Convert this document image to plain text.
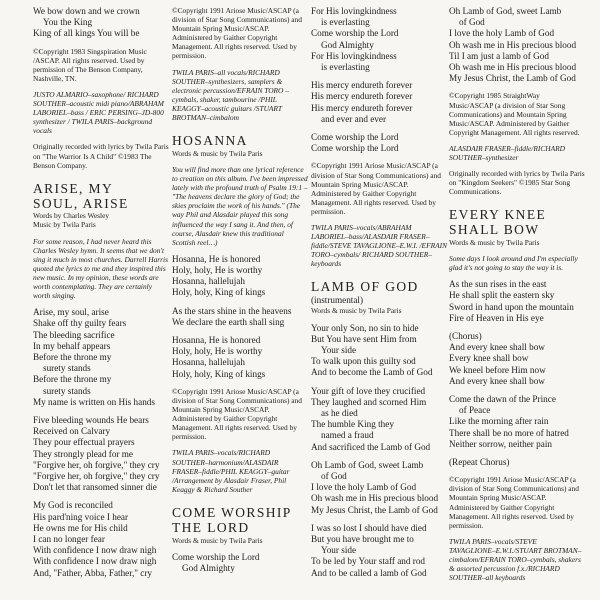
We bow down and we crown
You the King
King of all kings You will be
©Copyright 1983 Singspiration Music /ASCAP. All rights reserved. Used by permission of The Benson Company, Nashville, TN.
JUSTO ALMARIO–saxophone/ RICHARD SOUTHER–acoustic midi piano/ABRAHAM LABORIEL–bass / ERIC PERSING–JD-800 synthesizer / TWILA PARIS–background vocals
Originally recorded with lyrics by Twila Paris on "The Warrior Is A Child" ©1983 The Benson Company.
ARISE, MY
SOUL, ARISE
Words by Charles Wesley
Music by Twila Paris
For some reason, I had never heard this Charles Wesley hymn. It seems that we don't sing it much in most churches. Darrell Harris quoted the lyrics to me and they inspired this new music. In my opinion, these words are worth contemplating. They are certainly worth singing.
Arise, my soul, arise
Shake off thy guilty fears
The bleeding sacrifice
In my behalf appears
Before the throne my
surety stands
Before the throne my
surety stands
My name is written on His hands
Five bleeding wounds He bears
Received on Calvary
They pour effectual prayers
They strongly plead for me
"Forgive her, oh forgive," they cry
"Forgive her, oh forgive," they cry
Don't let that ransomed sinner die
My God is reconciled
His pard'ning voice I hear
He owns me for His child
I can no longer fear
With confidence I now draw nigh
With confidence I now draw nigh
And, "Father, Abba, Father," cry
©Copyright 1991 Ariose Music/ASCAP (a division of Star Song Communications) and Mountain Spring Music/ASCAP. Administered by Gaither Copyright Management. All rights reserved. Used by permission.
TWILA PARIS–all vocals/RICHARD SOUTHER–synthesizers, samplers & electronic percussion/EFRAIN TORO –cymbals, shaker, tambourine /PHIL KEAGGY–acoustic guitars /STUART BROTMAN–cimbalom
HOSANNA
Words & music by Twila Paris
You will find more than one lyrical reference to creation on this album. I've been impressed lately with the profound truth of Psalm 19:1 – "The heavens declare the glory of God; the skies proclaim the work of his hands." (The way Phil and Alasdair played this song influenced the way I sang it. And then, of course, Alasdair knew this traditional Scottish reel…)
Hosanna, He is honored
Holy, holy, He is worthy
Hosanna, hallelujah
Holy, holy, King of kings
As the stars shine in the heavens
We declare the earth shall sing
Hosanna, He is honored
Holy, holy, He is worthy
Hosanna, hallelujah
Holy, holy, King of kings
©Copyright 1991 Ariose Music/ASCAP (a division of Star Song Communications) and Mountain Spring Music/ASCAP. Administered by Gaither Copyright Management. All rights reserved. Used by permission.
TWILA PARIS–vocals/RICHARD SOUTHER–harmonium/ALASDAIR FRASER–fiddle/PHIL KEAGGY–guitar /Arrangement by Alasdair Fraser, Phil Keaggy & Richard Souther
COME WORSHIP
THE LORD
Words & music by Twila Paris
Come worship the Lord
God Almighty
For His lovingkindness
is everlasting
Come worship the Lord
God Almighty
For His lovingkindness
is everlasting
His mercy endureth forever
His mercy endureth forever
His mercy endureth forever
and ever and ever
Come worship the Lord
Come worship the Lord
©Copyright 1991 Ariose Music/ASCAP (a division of Star Song Communications) and Mountain Spring Music/ASCAP. Administered by Gaither Copyright Management. All rights reserved. Used by permission.
TWILA PARIS–vocals/ABRAHAM LABORIEL–bass/ALASDAIR FRASER–fiddle/STEVE TAVAGLIONE–E.W.I. /EFRAIN TORO–cymbals/ RICHARD SOUTHER–keyboards
LAMB OF GOD
(instrumental)
Words & music by Twila Paris
Your only Son, no sin to hide
But You have sent Him from
Your side
To walk upon this guilty sod
And to become the Lamb of God
Your gift of love they crucified
They laughed and scorned Him
as he died
The humble King they
named a fraud
And sacrificed the Lamb of God
Oh Lamb of God, sweet Lamb
of God
I love the holy Lamb of God
Oh wash me in His precious blood
My Jesus Christ, the Lamb of God
I was so lost I should have died
But you have brought me to
Your side
To be led by Your staff and rod
And to be called a lamb of God
Oh Lamb of God, sweet Lamb
of God
I love the holy Lamb of God
Oh wash me in His precious blood
Til I am just a lamb of God
Oh wash me in His precious blood
My Jesus Christ, the Lamb of God
©Copyright 1985 StraightWay Music/ASCAP (a division of Star Song Communications) and Mountain Spring Music/ASCAP. Administered by Gaither Copyright Management. All rights reserved.
ALASDAIR FRASER–fiddle/RICHARD SOUTHER–synthesizer
Originally recorded with lyrics by Twila Paris on "Kingdom Seekers" ©1985 Star Song Communications.
EVERY KNEE
SHALL BOW
Words & music by Twila Paris
Some days I look around and I'm especially glad it's not going to stay the way it is.
As the sun rises in the east
He shall split the eastern sky
Sword in hand upon the mountain
Fire of Heaven in His eye
(Chorus)
And every knee shall bow
Every knee shall bow
We kneel before Him now
And every knee shall bow
Come the dawn of the Prince
of Peace
Like the morning after rain
There shall be no more of hatred
Neither sorrow, neither pain
(Repeat Chorus)
©Copyright 1991 Ariose Music/ASCAP (a division of Star Song Communications) and Mountain Spring Music/ASCAP. Administered by Gaither Copyright Management. All rights reserved. Used by permission.
TWILA PARIS–vocals/STEVE TAVAGLIONE–E.W.I./STUART BROTMAN–cimbalom/EFRAIN TORO–cymbals, shakers & assorted percussion f.x./RICHARD SOUTHER–all keyboards
